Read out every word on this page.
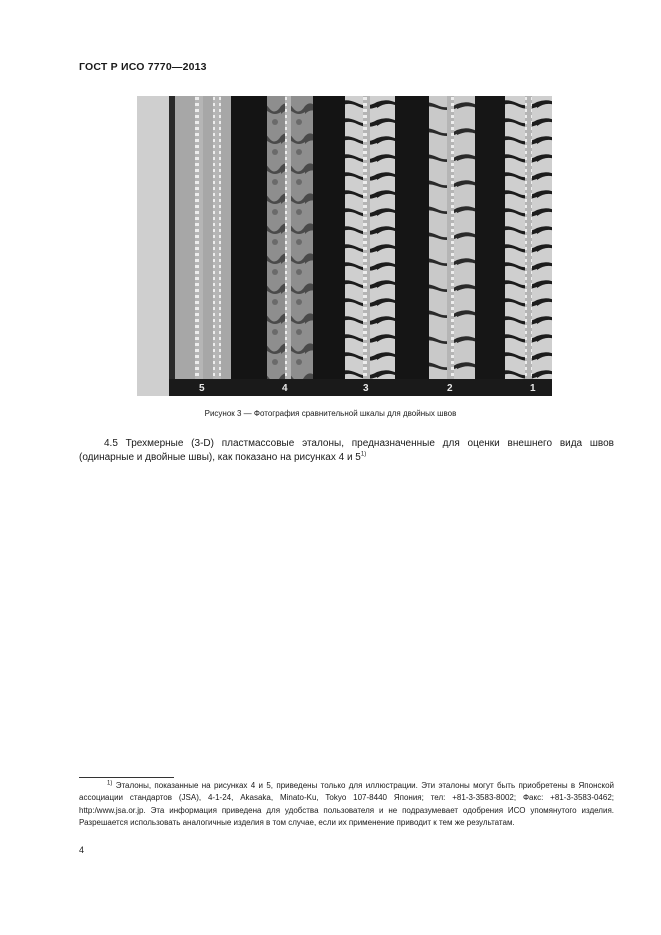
ГОСТ Р ИСО 7770—2013
5	4	3	2	1
Рисунок 3 — Фотография сравнительной шкалы для двойных швов
4.5 Трехмерные (3-D) пластмассовые эталоны, предназначенные для оценки внешнего вида швов (одинарные и двойные швы), как показано на рисунках 4 и 5$^{1)}$
$^{1)}$ Эталоны, показанные на рисунках 4 и 5, приведены только для иллюстрации. Эти эталоны могут быть приобретены в Японской ассоциации стандартов (JSA), 4-1-24, Akasaka, Minato-Ku, Tokyo 107-8440 Япония; тел: +81-3-3583-8002; Факс: +81-3-3583-0462; http:/www.jsa.or.jp. Эта информация приведена для удобства пользователя и не подразумевает одобрения ИСО упомянутого изделия. Разрешается использовать аналогичные изделия в том случае, если их применение приводит к тем же результатам.
4
